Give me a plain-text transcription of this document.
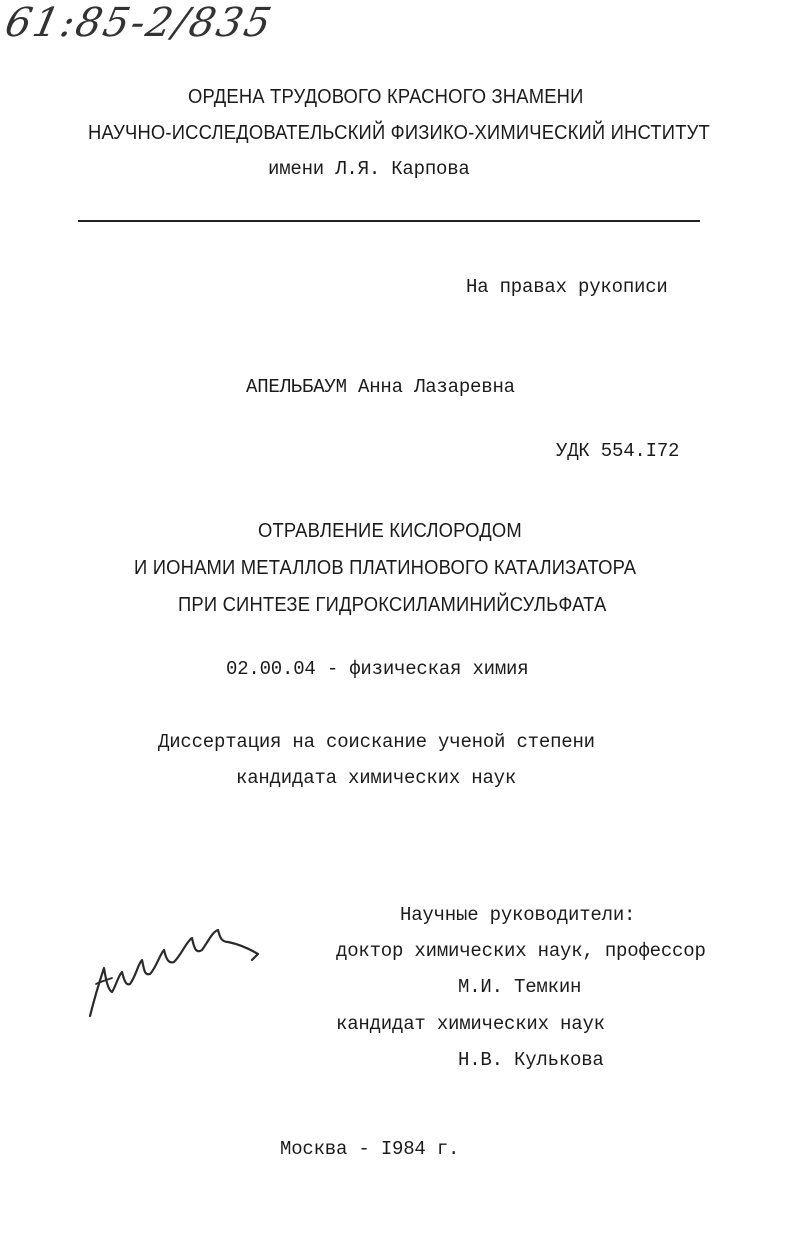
61:85-2/835
ОРДЕНА ТРУДОВОГО КРАСНОГО ЗНАМЕНИ
НАУЧНО-ИССЛЕДОВАТЕЛЬСКИЙ ФИЗИКО-ХИМИЧЕСКИЙ ИНСТИТУТ
имени Л.Я. Карпова
На правах рукописи
АПЕЛЬБАУМ Анна Лазаревна
УДК 554.I72
ОТРАВЛЕНИЕ КИСЛОРОДОМ
И ИОНАМИ МЕТАЛЛОВ ПЛАТИНОВОГО КАТАЛИЗАТОРА
ПРИ СИНТЕЗЕ ГИДРОКСИЛАМИНИЙСУЛЬФАТА
02.00.04 - физическая химия
Диссертация на соискание ученой степени
кандидата химических наук
Научные руководители:
доктор химических наук, профессор
М.И. Темкин
кандидат химических наук
Н.В. Кулькова
Москва - I984 г.
